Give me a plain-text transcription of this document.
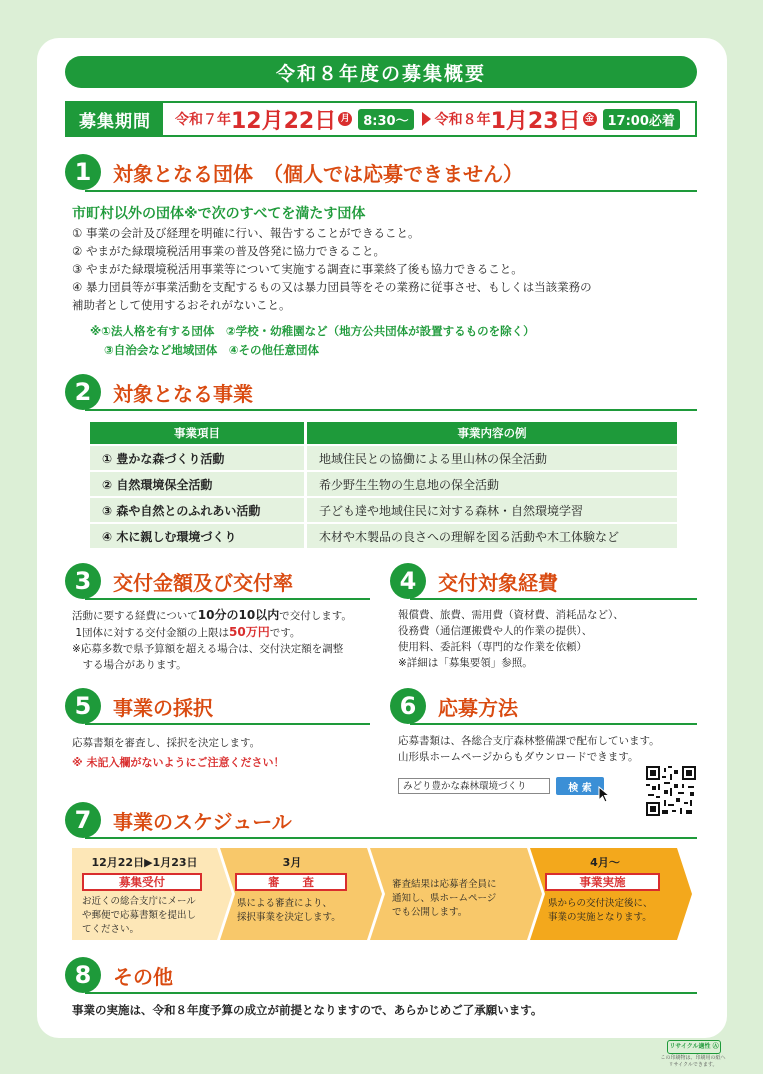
令和８年度の募集概要
募集期間	令和７年 12月22日 月	8:30〜	令和８年 1月23日 金	17:00必着
1	対象となる団体　（個人では応募できません）
市町村以外の団体※で次のすべてを満たす団体
① 事業の会計及び経理を明確に行い、報告することができること。
② やまがた緑環境税活用事業の普及啓発に協力できること。
③ やまがた緑環境税活用事業等について実施する調査に事業終了後も協力できること。
④ 暴力団員等が事業活動を支配するもの又は暴力団員等をその業務に従事させ、もしくは当該業務の
補助者として使用するおそれがないこと。
※①法人格を有する団体　②学校・幼稚園など（地方公共団体が設置するものを除く）
③自治会など地域団体　④その他任意団体
2	対象となる事業
事業項目	事業内容の例
① 豊かな森づくり活動	地域住民との協働による里山林の保全活動
② 自然環境保全活動	希少野生生物の生息地の保全活動
③ 森や自然とのふれあい活動	子ども達や地域住民に対する森林・自然環境学習
④ 木に親しむ環境づくり	木材や木製品の良さへの理解を図る活動や木工体験など
3	交付金額及び交付率
活動に要する経費について10分の10以内で交付します。
1団体に対する交付金額の上限は50万円です。
※応募多数で県予算額を超える場合は、交付決定額を調整
　する場合があります。
4	交付対象経費
報償費、旅費、需用費（資材費、消耗品など）、
役務費（通信運搬費や人的作業の提供）、
使用料、委託料（専門的な作業を依頼）
※詳細は「募集要領」参照。
5	事業の採択
応募書類を審査し、採択を決定します。
※ 未記入欄がないようにご注意ください！
6	応募方法
応募書類は、各総合支庁森林整備課で配布しています。
山形県ホームページからもダウンロードできます。
みどり豊かな森林環境づくり	検 索
7	事業のスケジュール
12月22日▶1月23日
募集受付
お近くの総合支庁にメール
や郵便で応募書類を提出し
てください。
3月
審　　査
県による審査により、
採択事業を決定します。
審査結果は応募者全員に
通知し、県ホームページ
でも公開します。
4月〜
事業実施
県からの交付決定後に、
事業の実施となります。
8	その他
事業の実施は、令和８年度予算の成立が前提となりますので、あらかじめご了承願います。
リサイクル適性 Ⓐ
この印刷物は、印刷用の紙へ
リサイクルできます。
